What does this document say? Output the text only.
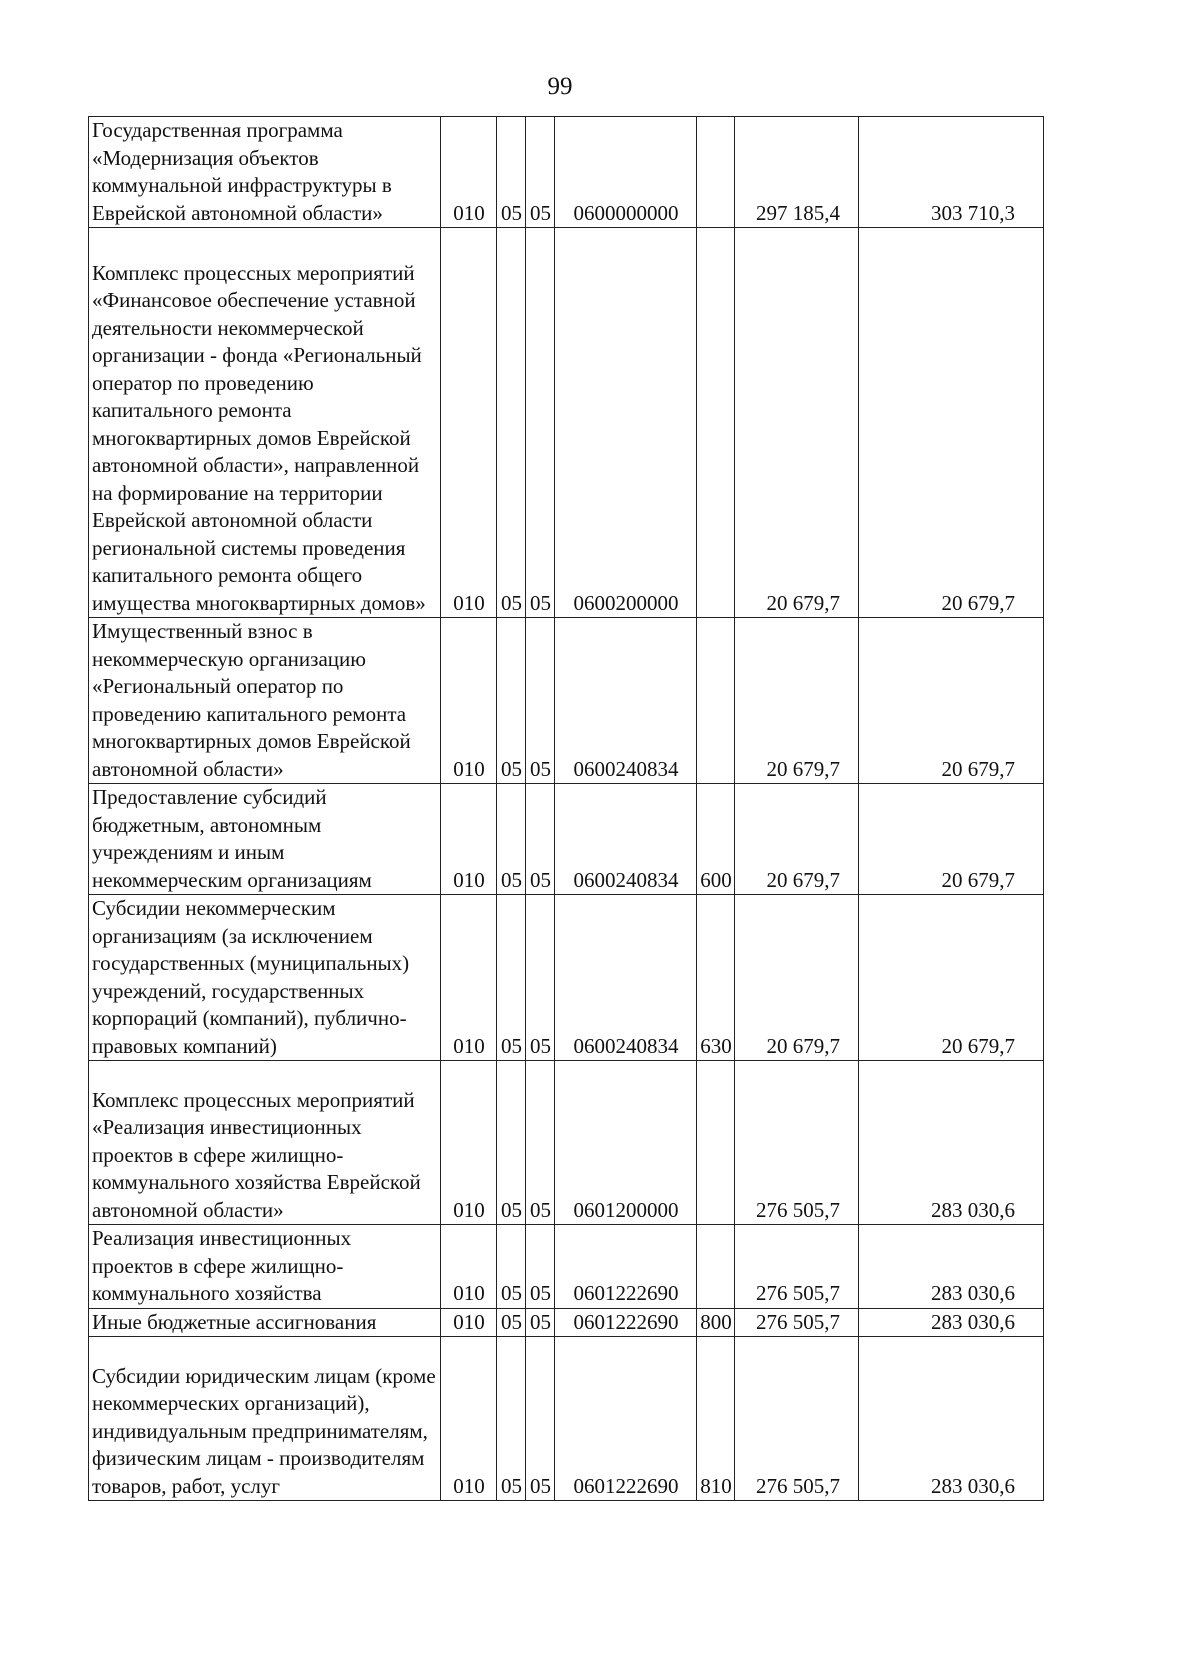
99
Государственная программа «Модернизация объектов коммунальной инфраструктуры в Еврейской автономной области»	010	05	05	0600000000		297 185,4	303 710,3
Комплекс процессных мероприятий «Финансовое обеспечение уставной деятельности некоммерческой организации - фонда «Региональный оператор по проведению капитального ремонта многоквартирных домов Еврейской автономной области», направленной на формирование на территории Еврейской автономной области региональной системы проведения капитального ремонта общего имущества многоквартирных домов»	010	05	05	0600200000		20 679,7	20 679,7
Имущественный взнос в некоммерческую организацию «Региональный оператор по проведению капитального ремонта многоквартирных домов Еврейской автономной области»	010	05	05	0600240834		20 679,7	20 679,7
Предоставление субсидий бюджетным, автономным учреждениям и иным некоммерческим организациям	010	05	05	0600240834	600	20 679,7	20 679,7
Субсидии некоммерческим организациям (за исключением государственных (муниципальных) учреждений, государственных корпораций (компаний), публично-правовых компаний)	010	05	05	0600240834	630	20 679,7	20 679,7
Комплекс процессных мероприятий «Реализация инвестиционных проектов в сфере жилищно-коммунального хозяйства Еврейской автономной области»	010	05	05	0601200000		276 505,7	283 030,6
Реализация инвестиционных проектов в сфере жилищно-коммунального хозяйства	010	05	05	0601222690		276 505,7	283 030,6
Иные бюджетные ассигнования	010	05	05	0601222690	800	276 505,7	283 030,6
Субсидии юридическим лицам (кроме некоммерческих организаций), индивидуальным предпринимателям, физическим лицам - производителям товаров, работ, услуг	010	05	05	0601222690	810	276 505,7	283 030,6
